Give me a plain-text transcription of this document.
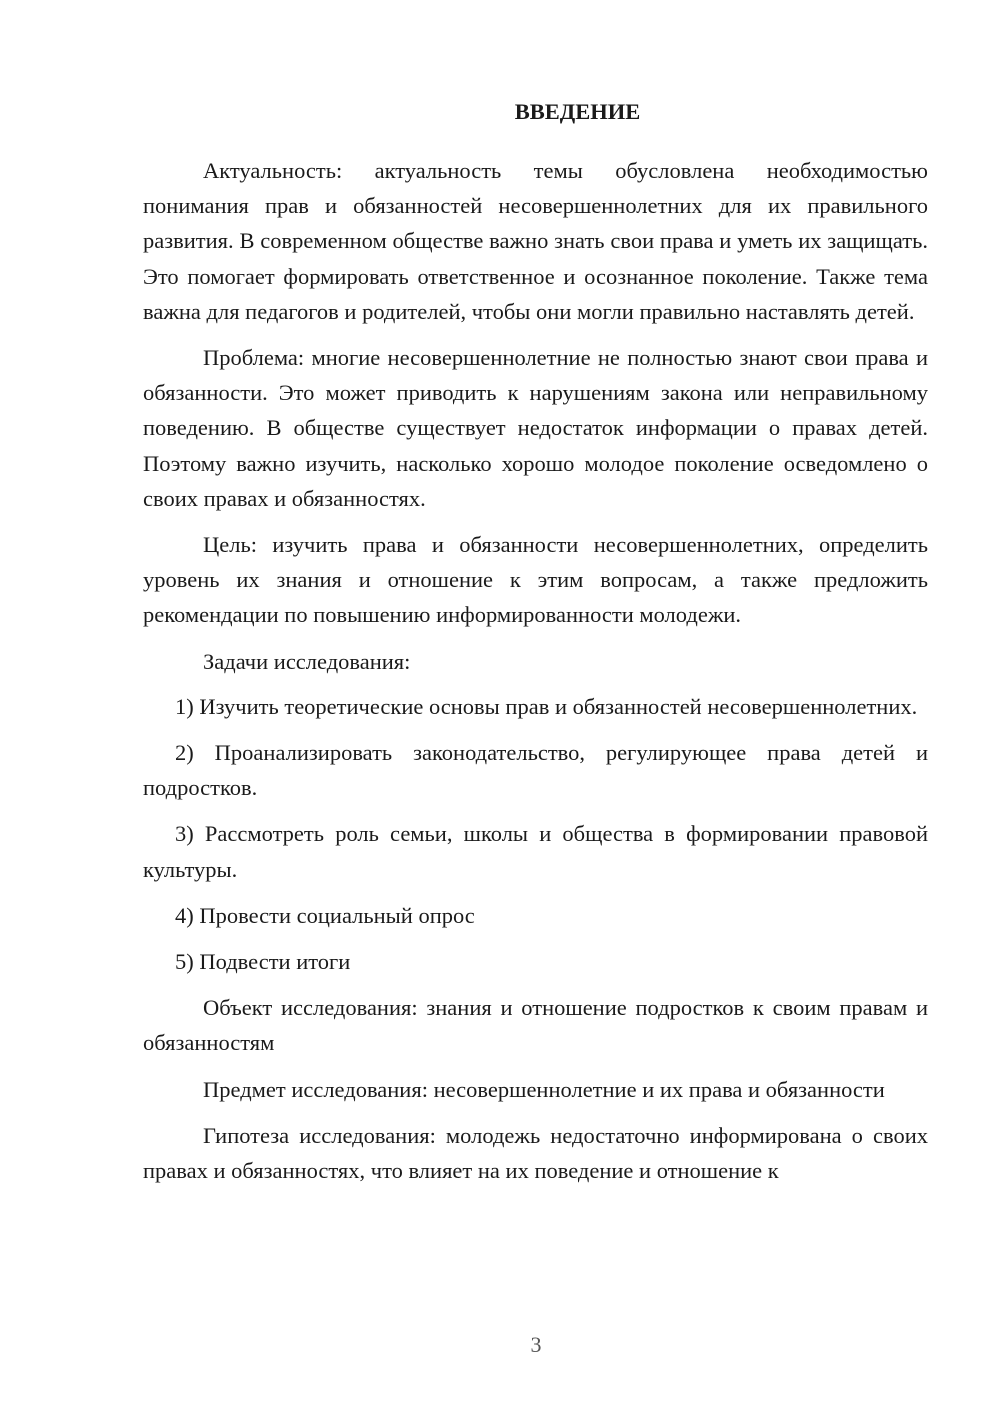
ВВЕДЕНИЕ

Актуальность: актуальность темы обусловлена необходимостью понимания прав и обязанностей несовершеннолетних для их правильного развития. В современном обществе важно знать свои права и уметь их защищать. Это помогает формировать ответственное и осознанное поколение. Также тема важна для педагогов и родителей, чтобы они могли правильно наставлять детей.

Проблема: многие несовершеннолетние не полностью знают свои права и обязанности. Это может приводить к нарушениям закона или неправильному поведению. В обществе существует недостаток информации о правах детей. Поэтому важно изучить, насколько хорошо молодое поколение осведомлено о своих правах и обязанностях.

Цель: изучить права и обязанности несовершеннолетних, определить уровень их знания и отношение к этим вопросам, а также предложить рекомендации по повышению информированности молодежи.

Задачи исследования:

1) Изучить теоретические основы прав и обязанностей несовершеннолетних.

2) Проанализировать законодательство, регулирующее права детей и подростков.

3) Рассмотреть роль семьи, школы и общества в формировании правовой культуры.

4) Провести социальный опрос

5) Подвести итоги

Объект исследования: знания и отношение подростков к своим правам и обязанностям

Предмет исследования: несовершеннолетние и их права и обязанности

Гипотеза исследования: молодежь недостаточно информирована о своих правах и обязанностях, что влияет на их поведение и отношение к

3
